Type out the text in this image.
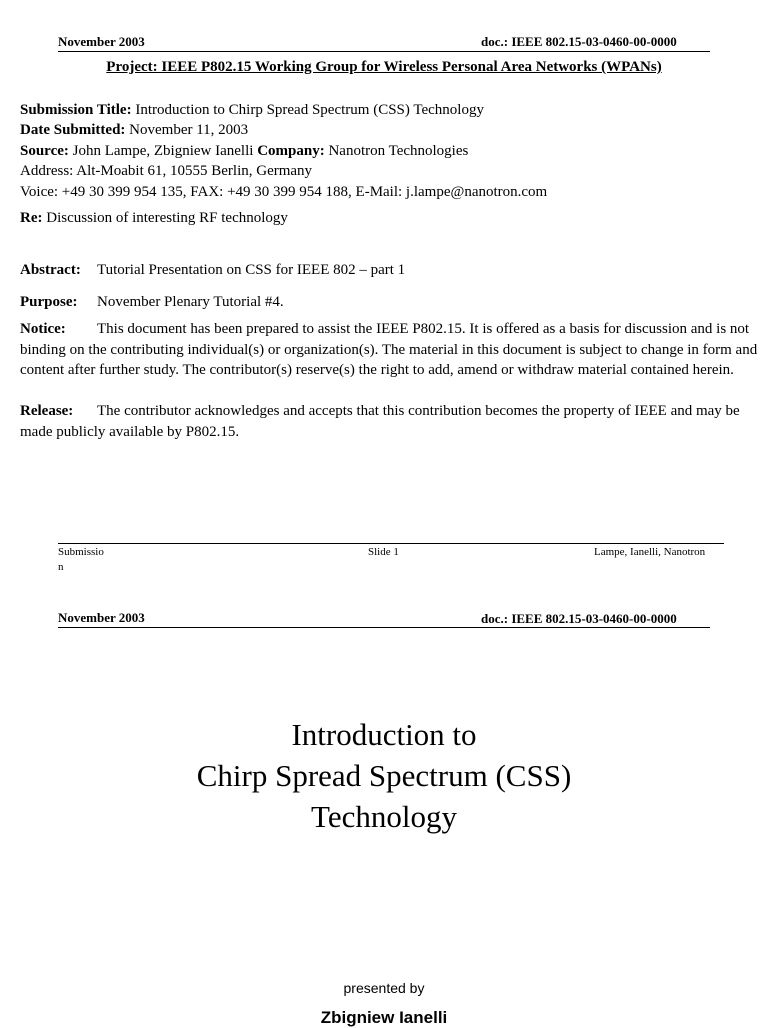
November 2003	doc.: IEEE 802.15-03-0460-00-0000
Project: IEEE P802.15 Working Group for Wireless Personal Area Networks (WPANs)
Submission Title: Introduction to Chirp Spread Spectrum (CSS) Technology
Date Submitted: November 11, 2003
Source: John Lampe, Zbigniew Ianelli Company: Nanotron Technologies
Address: Alt-Moabit 61, 10555 Berlin, Germany
Voice: +49 30 399 954 135, FAX: +49 30 399 954 188, E-Mail: j.lampe@nanotron.com
Re: Discussion of interesting RF technology
Abstract: Tutorial Presentation on CSS for IEEE 802 – part 1
Purpose: November Plenary Tutorial #4.
Notice: This document has been prepared to assist the IEEE P802.15. It is offered as a basis for discussion and is not binding on the contributing individual(s) or organization(s). The material in this document is subject to change in form and content after further study. The contributor(s) reserve(s) the right to add, amend or withdraw material contained herein.
Release: The contributor acknowledges and accepts that this contribution becomes the property of IEEE and may be made publicly available by P802.15.
Submissio
n
Slide 1	Lampe, Ianelli, Nanotron
November 2003	doc.: IEEE 802.15-03-0460-00-0000
Introduction to
Chirp Spread Spectrum (CSS)
Technology
presented by
Zbigniew Ianelli
